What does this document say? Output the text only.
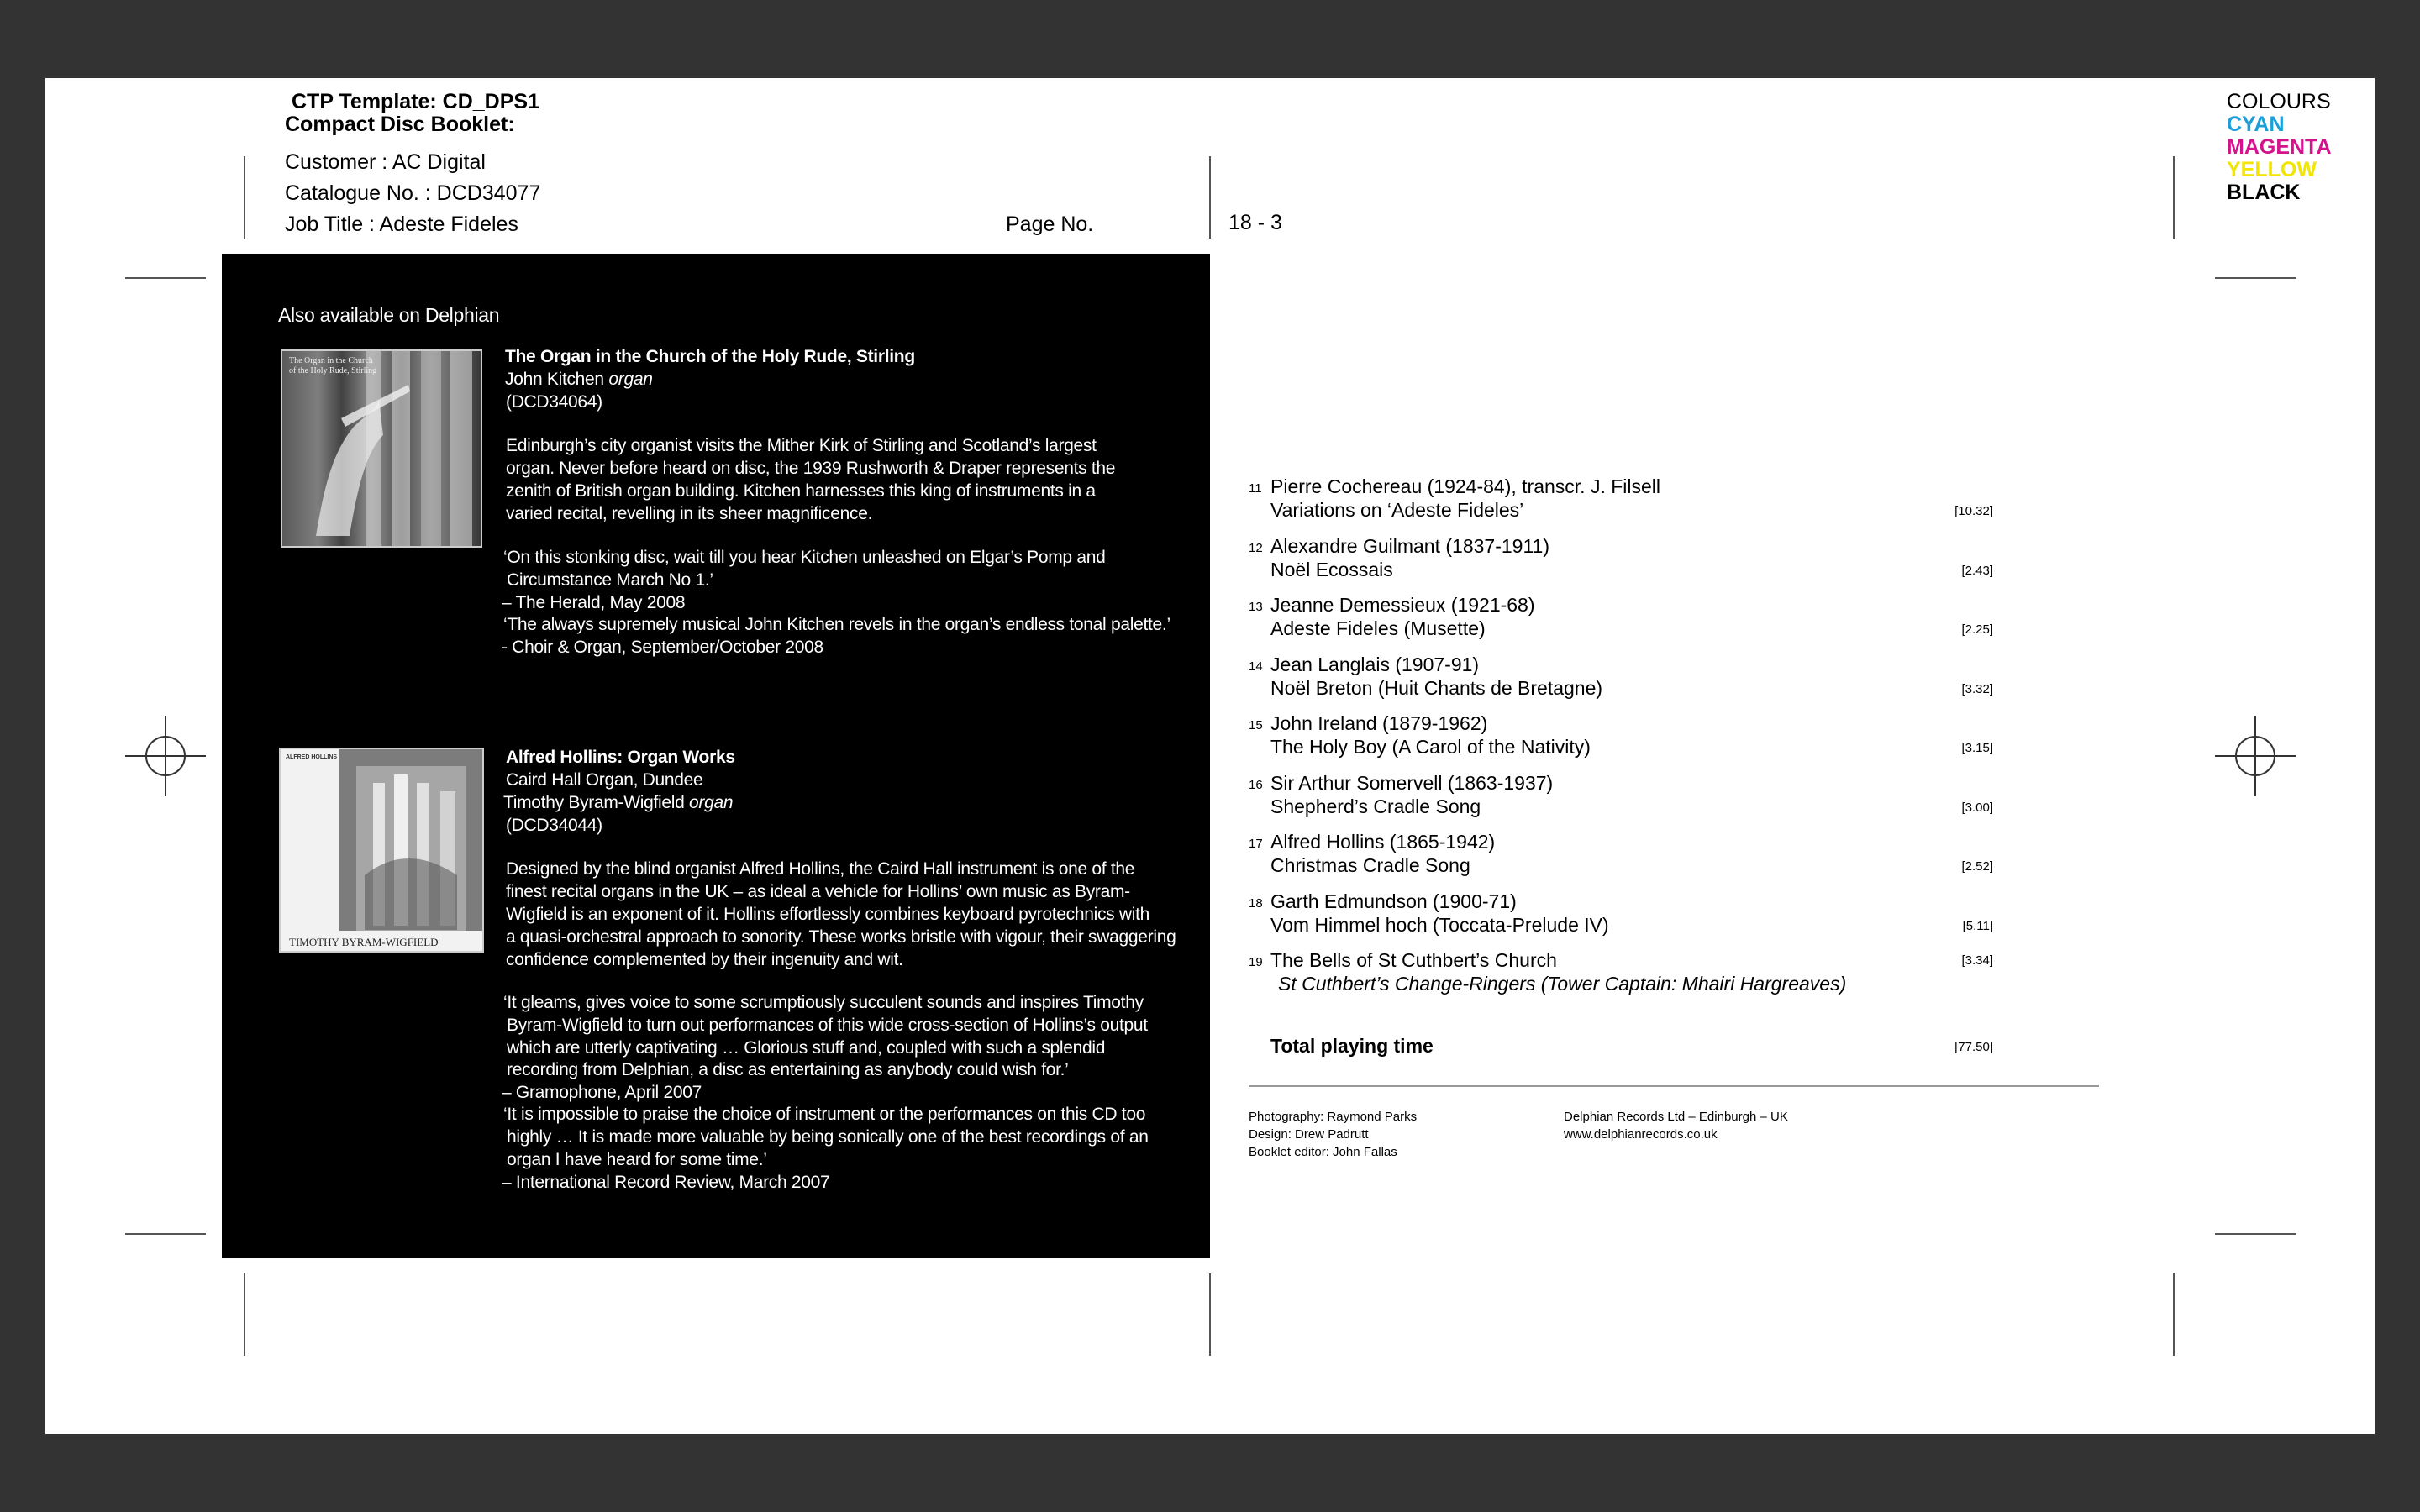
CTP Template: CD_DPS1
Compact Disc Booklet:
Customer : AC Digital
Catalogue No. : DCD34077
Job Title : Adeste Fideles	Page No.	18 - 3
COLOURS
CYAN
MAGENTA
YELLOW
BLACK
Also available on Delphian
The Organ in the Church of the Holy Rude, Stirling
The Organ in the Church of the Holy Rude, Stirling
John Kitchen organ
(DCD34064)
Edinburgh’s city organist visits the Mither Kirk of Stirling and Scotland’s largest
organ. Never before heard on disc, the 1939 Rushworth & Draper represents the
zenith of British organ building. Kitchen harnesses this king of instruments in a
varied recital, revelling in its sheer magnificence.
‘On this stonking disc, wait till you hear Kitchen unleashed on Elgar’s Pomp and
Circumstance March No 1.’
– The Herald, May 2008
‘The always supremely musical John Kitchen revels in the organ’s endless tonal palette.’
- Choir & Organ, September/October 2008
ALFRED HOLLINS
TIMOTHY BYRAM-WIGFIELD
Alfred Hollins: Organ Works
Caird Hall Organ, Dundee
Timothy Byram-Wigfield organ
(DCD34044)
Designed by the blind organist Alfred Hollins, the Caird Hall instrument is one of the
finest recital organs in the UK – as ideal a vehicle for Hollins’ own music as Byram-
Wigfield is an exponent of it. Hollins effortlessly combines keyboard pyrotechnics with
a quasi-orchestral approach to sonority. These works bristle with vigour, their swaggering
confidence complemented by their ingenuity and wit.
‘It gleams, gives voice to some scrumptiously succulent sounds and inspires Timothy
Byram-Wigfield to turn out performances of this wide cross-section of Hollins’s output
which are utterly captivating … Glorious stuff and, coupled with such a splendid
recording from Delphian, a disc as entertaining as anybody could wish for.’
– Gramophone, April 2007
‘It is impossible to praise the choice of instrument or the performances on this CD too
highly … It is made more valuable by being sonically one of the best recordings of an
organ I have heard for some time.’
– International Record Review, March 2007
Total playing time	[77.50]
Photography: Raymond Parks
Design: Drew Padrutt
Booklet editor: John Fallas
Delphian Records Ltd – Edinburgh – UK
www.delphianrecords.co.uk
11 Pierre Cochereau (1924-84), transcr. J. Filsell
Variations on ‘Adeste Fideles’	[10.32]
12 Alexandre Guilmant (1837-1911)
Noël Ecossais	[2.43]
13 Jeanne Demessieux (1921-68)
Adeste Fideles (Musette)	[2.25]
14 Jean Langlais (1907-91)
Noël Breton (Huit Chants de Bretagne)	[3.32]
15 John Ireland (1879-1962)
The Holy Boy (A Carol of the Nativity)	[3.15]
16 Sir Arthur Somervell (1863-1937)
Shepherd’s Cradle Song	[3.00]
17 Alfred Hollins (1865-1942)
Christmas Cradle Song	[2.52]
18 Garth Edmundson (1900-71)
Vom Himmel hoch (Toccata-Prelude IV)	[5.11]
19 The Bells of St Cuthbert’s Church
St Cuthbert’s Change-Ringers (Tower Captain: Mhairi Hargreaves)
[3.34]
